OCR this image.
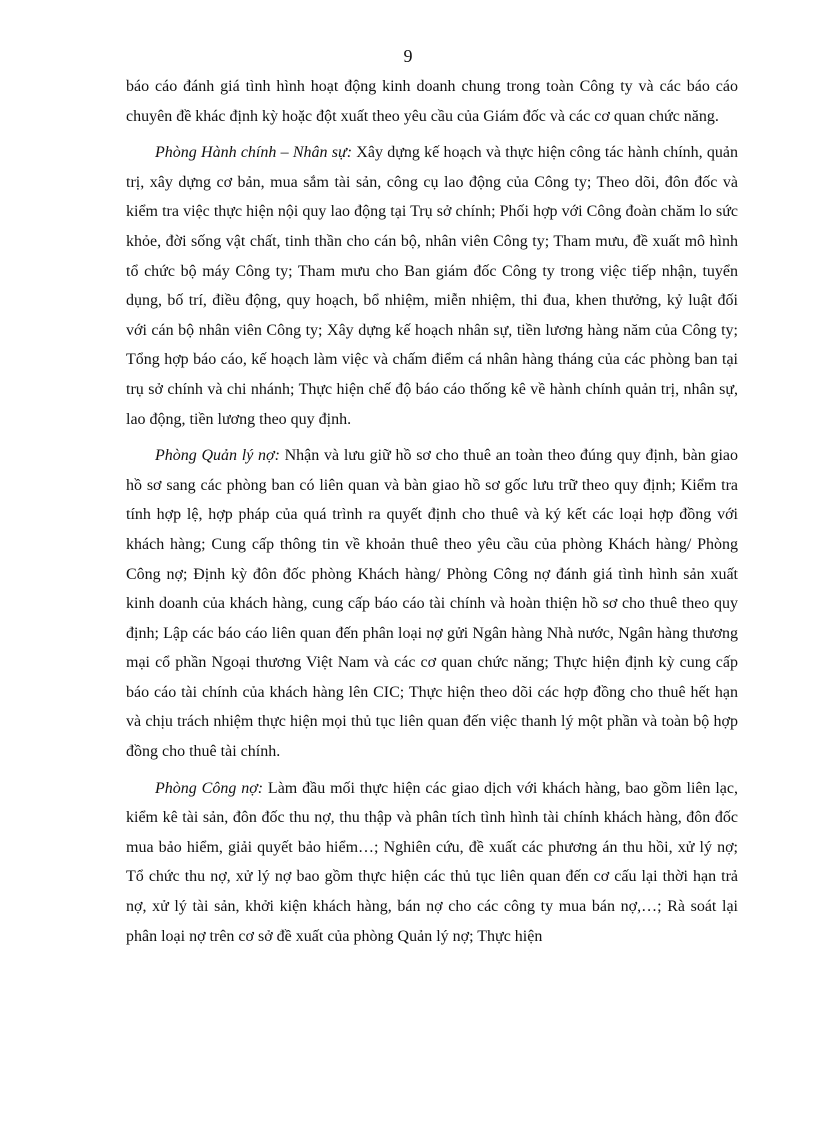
9

báo cáo đánh giá tình hình hoạt động kinh doanh chung trong toàn Công ty và các báo cáo chuyên đề khác định kỳ hoặc đột xuất theo yêu cầu của Giám đốc và các cơ quan chức năng.

Phòng Hành chính – Nhân sự: Xây dựng kế hoạch và thực hiện công tác hành chính, quản trị, xây dựng cơ bản, mua sắm tài sản, công cụ lao động của Công ty; Theo dõi, đôn đốc và kiểm tra việc thực hiện nội quy lao động tại Trụ sở chính; Phối hợp với Công đoàn chăm lo sức khỏe, đời sống vật chất, tinh thần cho cán bộ, nhân viên Công ty; Tham mưu, đề xuất mô hình tổ chức bộ máy Công ty; Tham mưu cho Ban giám đốc Công ty trong việc tiếp nhận, tuyển dụng, bố trí, điều động, quy hoạch, bổ nhiệm, miễn nhiệm, thi đua, khen thưởng, kỷ luật đối với cán bộ nhân viên Công ty; Xây dựng kế hoạch nhân sự, tiền lương hàng năm của Công ty; Tổng hợp báo cáo, kế hoạch làm việc và chấm điểm cá nhân hàng tháng của các phòng ban tại trụ sở chính và chi nhánh; Thực hiện chế độ báo cáo thống kê về hành chính quản trị, nhân sự, lao động, tiền lương theo quy định.

Phòng Quản lý nợ: Nhận và lưu giữ hồ sơ cho thuê an toàn theo đúng quy định, bàn giao hồ sơ sang các phòng ban có liên quan và bàn giao hồ sơ gốc lưu trữ theo quy định; Kiểm tra tính hợp lệ, hợp pháp của quá trình ra quyết định cho thuê và ký kết các loại hợp đồng với khách hàng; Cung cấp thông tin về khoản thuê theo yêu cầu của phòng Khách hàng/ Phòng Công nợ; Định kỳ đôn đốc phòng Khách hàng/ Phòng Công nợ đánh giá tình hình sản xuất kinh doanh của khách hàng, cung cấp báo cáo tài chính và hoàn thiện hồ sơ cho thuê theo quy định; Lập các báo cáo liên quan đến phân loại nợ gửi Ngân hàng Nhà nước, Ngân hàng thương mại cổ phần Ngoại thương Việt Nam và các cơ quan chức năng; Thực hiện định kỳ cung cấp báo cáo tài chính của khách hàng lên CIC; Thực hiện theo dõi các hợp đồng cho thuê hết hạn và chịu trách nhiệm thực hiện mọi thủ tục liên quan đến việc thanh lý một phần và toàn bộ hợp đồng cho thuê tài chính.

Phòng Công nợ: Làm đầu mối thực hiện các giao dịch với khách hàng, bao gồm liên lạc, kiểm kê tài sản, đôn đốc thu nợ, thu thập và phân tích tình hình tài chính khách hàng, đôn đốc mua bảo hiểm, giải quyết bảo hiểm…; Nghiên cứu, đề xuất các phương án thu hồi, xử lý nợ; Tổ chức thu nợ, xử lý nợ bao gồm thực hiện các thủ tục liên quan đến cơ cấu lại thời hạn trả nợ, xử lý tài sản, khởi kiện khách hàng, bán nợ cho các công ty mua bán nợ,…; Rà soát lại phân loại nợ trên cơ sở đề xuất của phòng Quản lý nợ; Thực hiện
